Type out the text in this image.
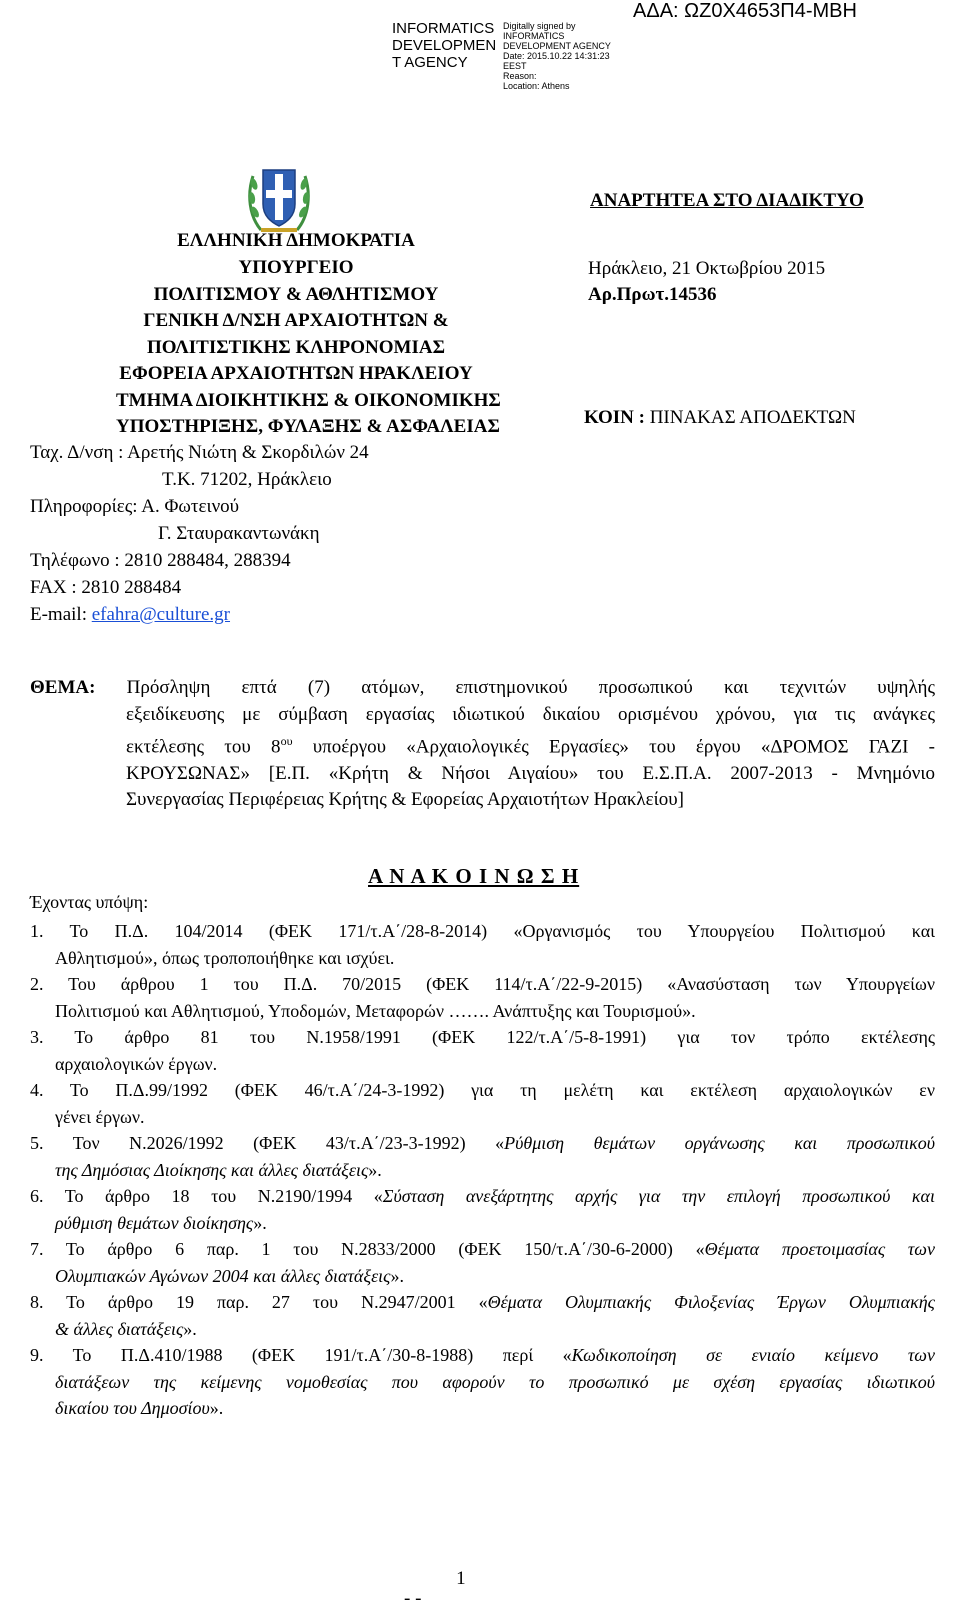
INFORMATICS
DEVELOPMEN
T AGENCY
Digitally signed by
INFORMATICS
DEVELOPMENT AGENCY
Date: 2015.10.22 14:31:23
EEST
Reason:
Location: Athens
ΑΔΑ: ΩΖ0Χ4653Π4-ΜΒΗ
ΕΛΛΗΝΙΚΗ ΔΗΜΟΚΡΑΤΙΑ
ΥΠΟΥΡΓΕΙΟ
ΠΟΛΙΤΙΣΜΟΥ & ΑΘΛΗΤΙΣΜΟΥ
ΓΕΝΙΚΗ Δ/ΝΣΗ ΑΡΧΑΙΟΤΗΤΩΝ &
ΠΟΛΙΤΙΣΤΙΚΗΣ ΚΛΗΡΟΝΟΜΙΑΣ
ΕΦΟΡΕΙΑ ΑΡΧΑΙΟΤΗΤΩΝ ΗΡΑΚΛΕΙΟΥ
ΤΜΗΜΑ ΔΙΟΙΚΗΤΙΚΗΣ & ΟΙΚΟΝΟΜΙΚΗΣ
ΥΠΟΣΤΗΡΙΞΗΣ, ΦΥΛΑΞΗΣ & ΑΣΦΑΛΕΙΑΣ
Ταχ. Δ/νση : Αρετής Νιώτη & Σκορδιλών 24
Τ.Κ. 71202, Ηράκλειο
Πληροφορίες: Α. Φωτεινού
Γ. Σταυρακαντωνάκη
Τηλέφωνο : 2810 288484, 288394
FAX : 2810 288484
E-mail: efahra@culture.gr
ΑΝΑΡΤΗΤΕΑ ΣΤΟ ΔΙΑΔΙΚΤΥΟ
Ηράκλειο, 21 Οκτωβρίου 2015
Αρ.Πρωτ.14536
ΚΟΙΝ : ΠΙΝΑΚΑΣ ΑΠΟΔΕΚΤΩΝ
ΘΕΜΑ: Πρόσληψη επτά (7) ατόμων, επιστημονικού προσωπικού και τεχνιτών υψηλής
εξειδίκευσης με σύμβαση εργασίας ιδιωτικού δικαίου ορισμένου χρόνου, για τις ανάγκες
εκτέλεσης του $8^{o\upsilon}$ υποέργου «Αρχαιολογικές Εργασίες» του έργου «ΔΡΟΜΟΣ ΓΑΖΙ -
ΚΡΟΥΣΩΝΑΣ» [Ε.Π. «Κρήτη & Νήσοι Αιγαίου» του Ε.Σ.Π.Α. 2007-2013 - Μνημόνιο
Συνεργασίας Περιφέρειας Κρήτης & Εφορείας Αρχαιοτήτων Ηρακλείου]
Α Ν Α Κ Ο Ι Ν Ω Σ Η
Έχοντας υπόψη:
1. Το Π.Δ. 104/2014 (ΦΕΚ 171/τ.Α΄/28-8-2014) «Οργανισμός του Υπουργείου Πολιτισμού και
Αθλητισμού», όπως τροποποιήθηκε και ισχύει.
2. Του άρθρου 1 του Π.Δ. 70/2015 (ΦΕΚ 114/τ.Α΄/22-9-2015) «Ανασύσταση των Υπουργείων
Πολιτισμού και Αθλητισμού, Υποδομών, Μεταφορών ……. Ανάπτυξης και Τουρισμού».
3. Το άρθρο 81 του Ν.1958/1991 (ΦΕΚ 122/τ.Α΄/5-8-1991) για τον τρόπο εκτέλεσης
αρχαιολογικών έργων.
4. Το Π.Δ.99/1992 (ΦΕΚ 46/τ.Α΄/24-3-1992) για τη μελέτη και εκτέλεση αρχαιολογικών εν
γένει έργων.
5. Τον Ν.2026/1992 (ΦΕΚ 43/τ.Α΄/23-3-1992) «Ρύθμιση θεμάτων οργάνωσης και προσωπικού
της Δημόσιας Διοίκησης και άλλες διατάξεις».
6. Το άρθρο 18 του Ν.2190/1994 «Σύσταση ανεξάρτητης αρχής για την επιλογή προσωπικού και
ρύθμιση θεμάτων διοίκησης».
7. Το άρθρο 6 παρ. 1 του Ν.2833/2000 (ΦΕΚ 150/τ.Α΄/30-6-2000) «Θέματα προετοιμασίας των
Ολυμπιακών Αγώνων 2004 και άλλες διατάξεις».
8. Το άρθρο 19 παρ. 27 του Ν.2947/2001 «Θέματα Ολυμπιακής Φιλοξενίας Έργων Ολυμπιακής
& άλλες διατάξεις».
9. Το Π.Δ.410/1988 (ΦΕΚ 191/τ.Α΄/30-8-1988) περί «Κωδικοποίηση σε ενιαίο κείμενο των
διατάξεων της κείμενης νομοθεσίας που αφορούν το προσωπικό με σχέση εργασίας ιδιωτικού
δικαίου του Δημοσίου».
- - 1
